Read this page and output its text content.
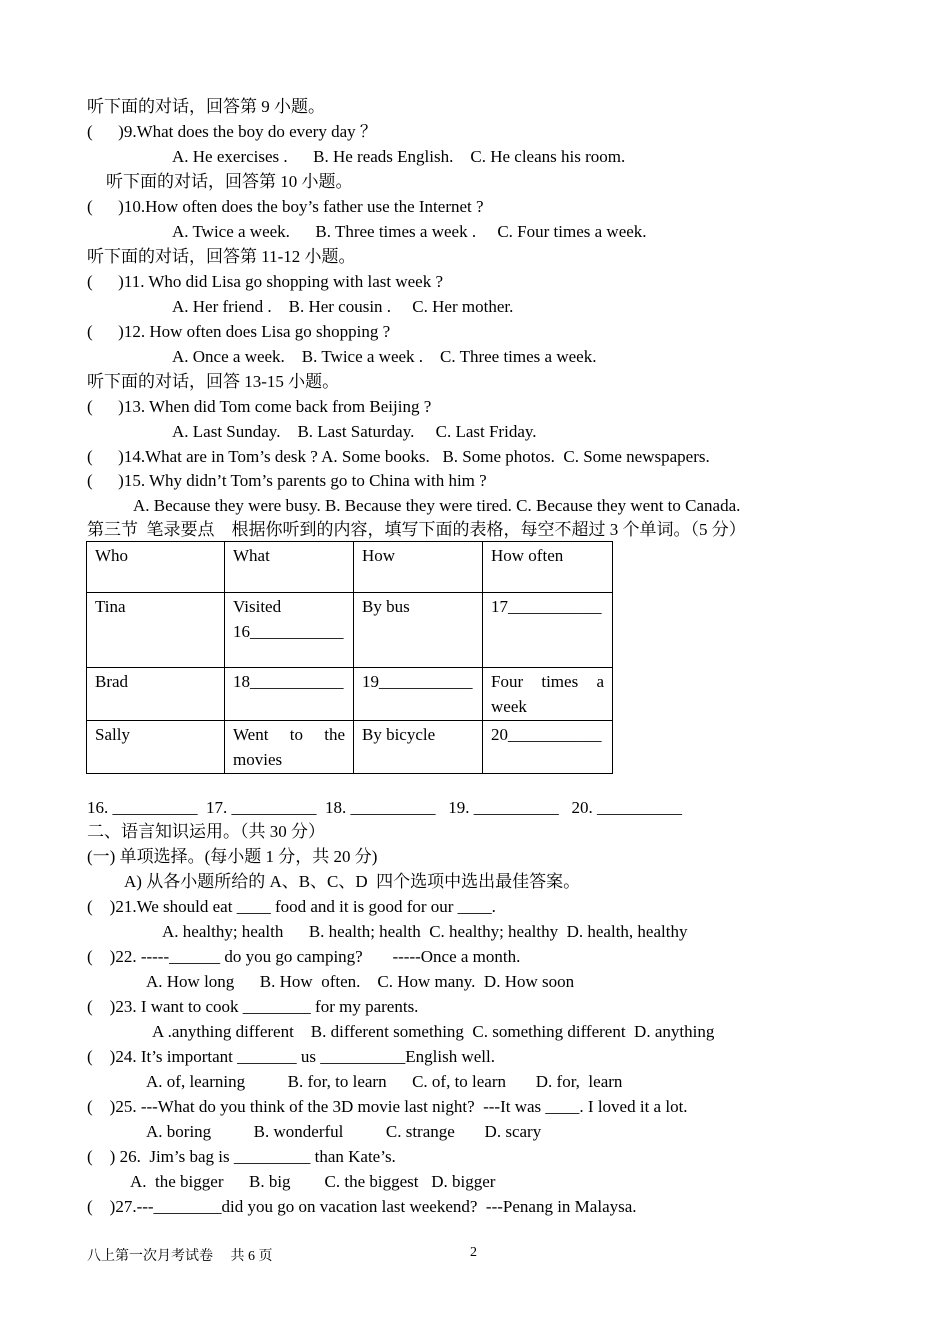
听下面的对话，回答第 9 小题。
(      )9.What does the boy do every day ？
A. He exercises .      B. He reads English.    C. He cleans his room.
听下面的对话，回答第 10 小题。
(      )10.How often does the boy’s father use the Internet ?
A. Twice a week.      B. Three times a week .     C. Four times a week.
听下面的对话，回答第 11-12 小题。
(      )11. Who did Lisa go shopping with last week ?
A. Her friend .    B. Her cousin .     C. Her mother.
(      )12. How often does Lisa go shopping ?
A. Once a week.    B. Twice a week .    C. Three times a week.
听下面的对话，回答 13-15 小题。
(      )13. When did Tom come back from Beijing ?
A. Last Sunday.    B. Last Saturday.     C. Last Friday.
(      )14.What are in Tom’s desk ? A. Some books.   B. Some photos.  C. Some newspapers.
(      )15. Why didn’t Tom’s parents go to China with him ?
A. Because they were busy. B. Because they were tired. C. Because they went to Canada.
第三节  笔录要点    根据你听到的内容，填写下面的表格，每空不超过 3 个单词。（5 分）
Who	What	How	How often
Tina	Visited 16___________	By bus	17___________
Brad	18___________	19___________	Four times a week
Sally	Went to the movies	By bicycle	20___________
16. __________  17. __________  18. __________   19. __________   20. __________
二、语言知识运用。（共 30 分）
(一) 单项选择。(每小题 1 分，共 20 分)
A) 从各小题所给的 A、B、C、D  四个选项中选出最佳答案。
(    )21.We should eat ____ food and it is good for our ____.
A. healthy; health      B. health; health  C. healthy; healthy  D. health, healthy
(    )22. -----______ do you go camping?       -----Once a month.
A. How long      B. How  often.    C. How many.  D. How soon
(    )23. I want to cook ________ for my parents.
A .anything different    B. different something  C. something different  D. anything
(    )24. It’s important _______ us __________English well.
A. of, learning          B. for, to learn      C. of, to learn       D. for,  learn
(    )25. ---What do you think of the 3D movie last night?  ---It was ____. I loved it a lot.
A. boring          B. wonderful          C. strange       D. scary
(    ) 26.  Jim’s bag is _________ than Kate’s.
A.  the bigger      B. big        C. the biggest   D. bigger
(    )27.---________did you go on vacation last weekend?  ---Penang in Malaysa.
八上第一次月考试卷     共 6 页	2
